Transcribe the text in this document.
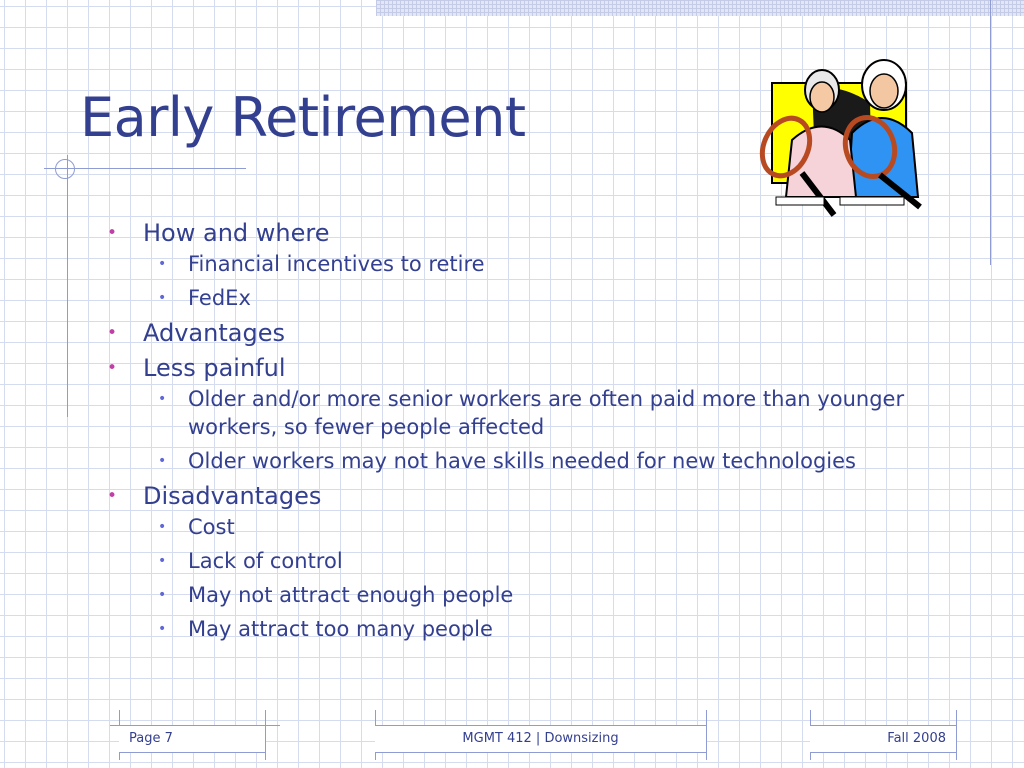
Early Retirement
• How and where
• Financial incentives to retire
• FedEx
• Advantages
• Less painful
• Older and/or more senior workers are often paid more than younger workers, so fewer people affected
• Older workers may not have skills needed for new technologies
• Disadvantages
• Cost
• Lack of control
• May not attract enough people
• May attract too many people
Page 7	MGMT 412 | Downsizing	Fall 2008
